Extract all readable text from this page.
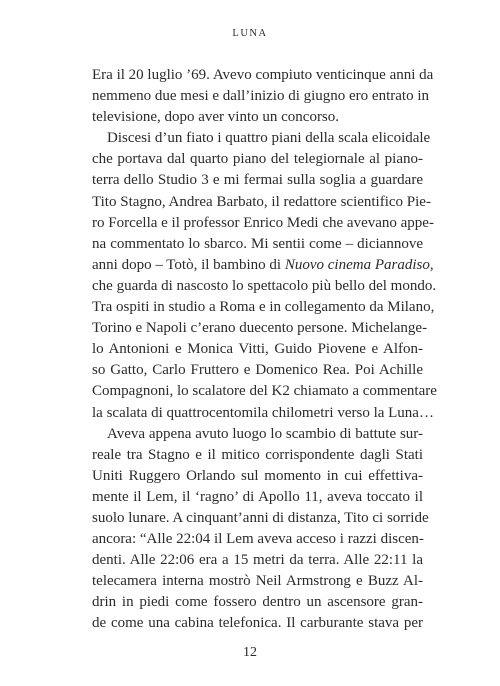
LUNA
Era il 20 luglio ’69. Avevo compiuto venticinque anni da
nemmeno due mesi e dall’inizio di giugno ero entrato in
televisione, dopo aver vinto un concorso.
Discesi d’un fiato i quattro piani della scala elicoidale
che portava dal quarto piano del telegiornale al piano-
terra dello Studio 3 e mi fermai sulla soglia a guardare
Tito Stagno, Andrea Barbato, il redattore scientifico Pie-
ro Forcella e il professor Enrico Medi che avevano appe-
na commentato lo sbarco. Mi sentii come – diciannove
anni dopo – Totò, il bambino di Nuovo cinema Paradiso,
che guarda di nascosto lo spettacolo più bello del mondo.
Tra ospiti in studio a Roma e in collegamento da Milano,
Torino e Napoli c’erano duecento persone. Michelange-
lo Antonioni e Monica Vitti, Guido Piovene e Alfon-
so Gatto, Carlo Fruttero e Domenico Rea. Poi Achille
Compagnoni, lo scalatore del K2 chiamato a commentare
la scalata di quattrocentomila chilometri verso la Luna…
Aveva appena avuto luogo lo scambio di battute sur-
reale tra Stagno e il mitico corrispondente dagli Stati
Uniti Ruggero Orlando sul momento in cui effettiva-
mente il Lem, il ‘ragno’ di Apollo 11, aveva toccato il
suolo lunare. A cinquant’anni di distanza, Tito ci sorride
ancora: “Alle 22:04 il Lem aveva acceso i razzi discen-
denti. Alle 22:06 era a 15 metri da terra. Alle 22:11 la
telecamera interna mostrò Neil Armstrong e Buzz Al-
drin in piedi come fossero dentro un ascensore gran-
de come una cabina telefonica. Il carburante stava per
12
